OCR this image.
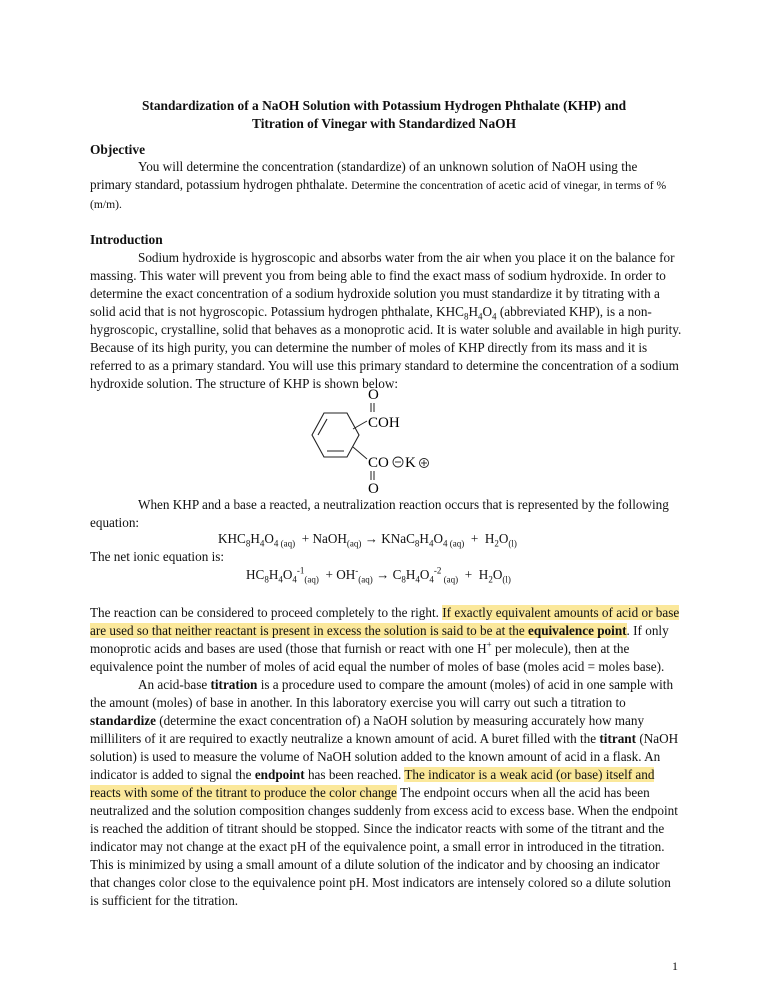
Standardization of a NaOH Solution with Potassium Hydrogen Phthalate (KHP) and
Titration of Vinegar with Standardized NaOH
Objective
You will determine the concentration (standardize) of an unknown solution of NaOH using the primary standard, potassium hydrogen phthalate. Determine the concentration of acetic acid of vinegar, in terms of % (m/m).
Introduction
Sodium hydroxide is hygroscopic and absorbs water from the air when you place it on the balance for massing. This water will prevent you from being able to find the exact mass of sodium hydroxide. In order to determine the exact concentration of a sodium hydroxide solution you must standardize it by titrating with a solid acid that is not hygroscopic. Potassium hydrogen phthalate, $KHC_8H_4O_4$ (abbreviated KHP), is a non-hygroscopic, crystalline, solid that behaves as a monoprotic acid. It is water soluble and available in high purity. Because of its high purity, you can determine the number of moles of KHP directly from its mass and it is referred to as a primary standard. You will use this primary standard to determine the concentration of a sodium hydroxide solution. The structure of KHP is shown below:
O
COH
CO K
O
When KHP and a base a reacted, a neutralization reaction occurs that is represented by the following equation:
$KHC_8H_4O_{4 (aq)}$  + NaOH$_{(aq)}$ → $KNaC_8H_4O_{4 (aq)} + H_2O_{(l)}$
The net ionic equation is:
$HC_8H_4O_4^{-1}_{(aq)} + OH^-_{(aq)} \to C_8H_4O_4^{-2}$ $_{(aq)} + H_2O_{(l)}$
The reaction can be considered to proceed completely to the right. If exactly equivalent amounts of acid or base are used so that neither reactant is present in excess the solution is said to be at the equivalence point. If only monoprotic acids and bases are used (those that furnish or react with one H+ per molecule), then at the equivalence point the number of moles of acid equal the number of moles of base (moles acid = moles base).
An acid-base titration is a procedure used to compare the amount (moles) of acid in one sample with the amount (moles) of base in another. In this laboratory exercise you will carry out such a titration to standardize (determine the exact concentration of) a NaOH solution by measuring accurately how many milliliters of it are required to exactly neutralize a known amount of acid. A buret filled with the titrant (NaOH solution) is used to measure the volume of NaOH solution added to the known amount of acid in a flask. An indicator is added to signal the endpoint has been reached. The indicator is a weak acid (or base) itself and reacts with some of the titrant to produce the color change The endpoint occurs when all the acid has been neutralized and the solution composition changes suddenly from excess acid to excess base. When the endpoint is reached the addition of titrant should be stopped. Since the indicator reacts with some of the titrant and the indicator may not change at the exact pH of the equivalence point, a small error in introduced in the titration. This is minimized by using a small amount of a dilute solution of the indicator and by choosing an indicator that changes color close to the equivalence point pH. Most indicators are intensely colored so a dilute solution is sufficient for the titration.
1
